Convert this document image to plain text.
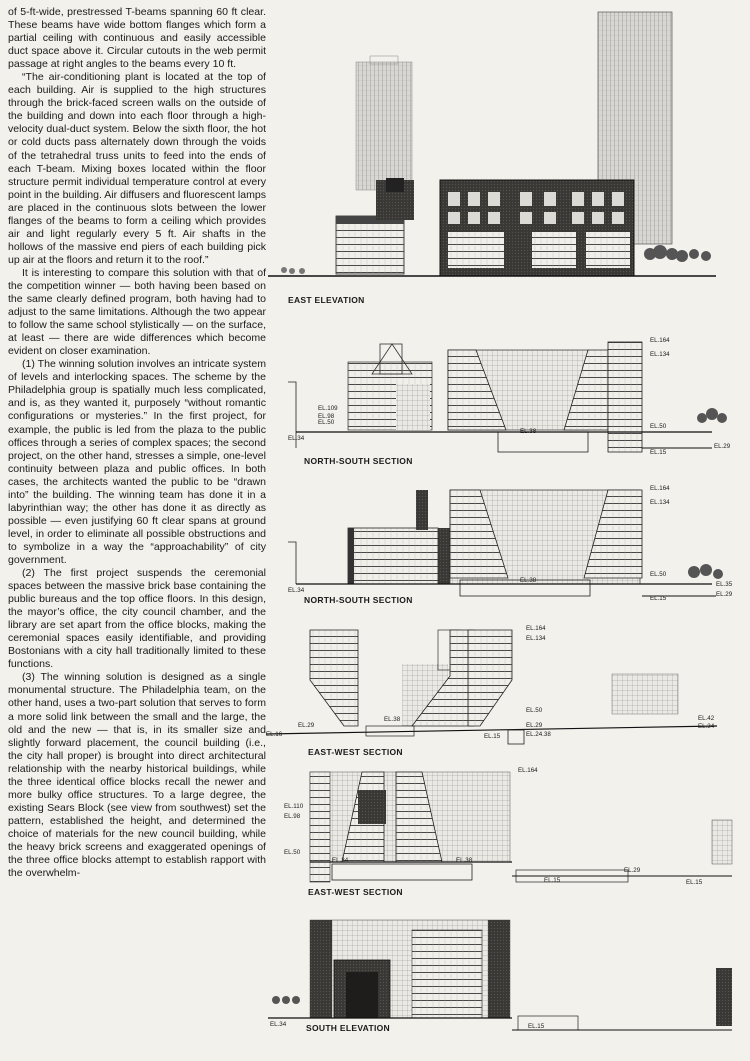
of 5-ft-wide, prestressed T-beams spanning 60 ft clear. These beams have wide bottom flanges which form a partial ceiling with continuous and easily accessible duct space above it. Circular cutouts in the web permit passage at right angles to the beams every 10 ft.

“The air-conditioning plant is located at the top of each building. Air is supplied to the high structures through the brick-faced screen walls on the outside of the building and down into each floor through a high-velocity dual-duct system. Below the sixth floor, the hot or cold ducts pass alternately down through the voids of the tetrahedral truss units to feed into the ends of each T-beam. Mixing boxes located within the floor structure permit individual temperature control at every point in the building. Air diffusers and fluorescent lamps are placed in the continuous slots between the lower flanges of the beams to form a ceiling which provides air and light regularly every 5 ft. Air shafts in the hollows of the massive end piers of each building pick up air at the floors and return it to the roof.”

It is interesting to compare this solution with that of the competition winner — both having been based on the same clearly defined program, both having had to adjust to the same limitations. Although the two appear to follow the same school stylistically — on the surface, at least — there are wide differences which become evident on closer examination.

(1) The winning solution involves an intricate system of levels and interlocking spaces. The scheme by the Philadelphia group is spatially much less complicated, and is, as they wanted it, purposely “without romantic configurations or mysteries.” In the first project, for example, the public is led from the plaza to the public offices through a series of complex spaces; the second project, on the other hand, stresses a simple, one-level continuity between plaza and public offices. In both cases, the architects wanted the public to be “drawn into” the building. The winning team has done it in a labyrinthian way; the other has done it as directly as possible — even justifying 60 ft clear spans at ground level, in order to eliminate all possible obstructions and to symbolize in a way the “approachability” of city government.

(2) The first project suspends the ceremonial spaces between the massive brick base containing the public bureaus and the top office floors. In this design, the mayor’s office, the city council chamber, and the library are set apart from the office blocks, making the ceremonial spaces easily identifiable, and providing Bostonians with a city hall traditionally limited to these functions.

(3) The winning solution is designed as a single monumental structure. The Philadelphia team, on the other hand, uses a two-part solution that serves to form a more solid link between the small and the large, the old and the new — that is, in its smaller size and slightly forward placement, the council building (i.e., the city hall proper) is brought into direct architectural relationship with the nearby historical buildings, while the three identical office blocks recall the newer and more bulky office structures. To a large degree, the existing Sears Block (see view from southwest) set the pattern, established the height, and determined the choice of materials for the new council building, while the heavy brick screens and exaggerated openings of the three office blocks attempt to establish rapport with the overwhelm-

EAST ELEVATION
EL.164
EL.134
EL.109
EL.98
EL.50
EL.34
EL.38
EL.50
EL.15
EL.29
NORTH-SOUTH SECTION
EL.164
EL.134
EL.34
EL.38
EL.50
EL.35
EL.15
EL.29
NORTH-SOUTH SECTION
EL.164
EL.134
EL.29
EL.38
EL.16
EL.50
EL.29
EL.24.38
EL.42
EL.34
EL.15
EAST-WEST SECTION
EL.164
EL.110
EL.98
EL.50
EL.34	EL.38
EL.29
EL.15	EL.15
EAST-WEST SECTION
EL.34	EL.15
SOUTH ELEVATION
